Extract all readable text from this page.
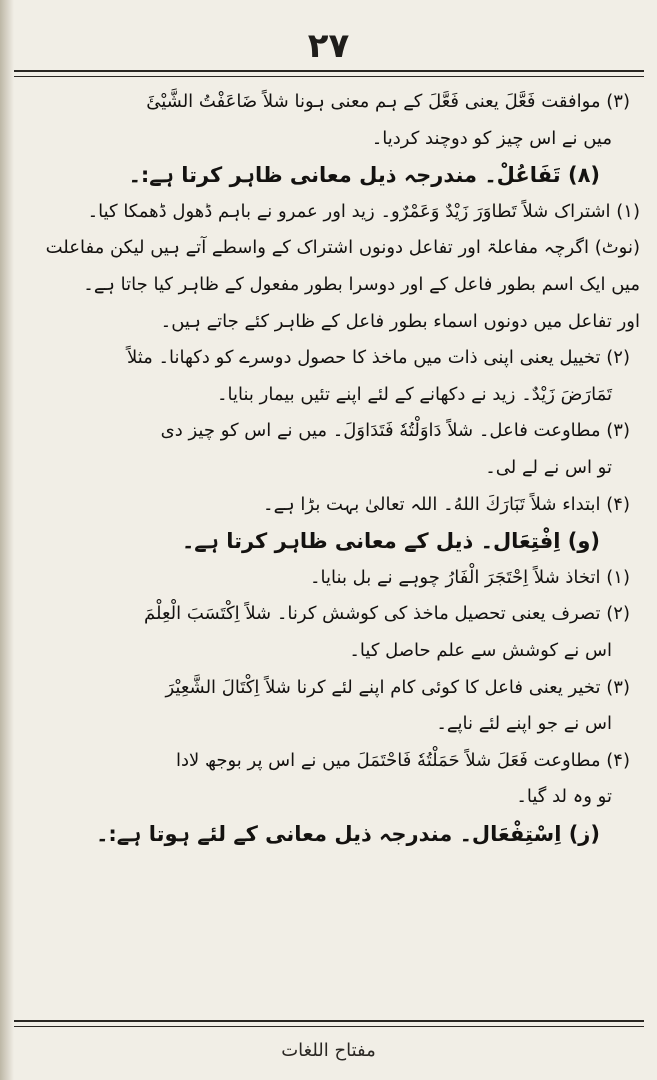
۲۷
(۳) موافقت فَعَّلَ یعنی فَعَّلَ کے ہم معنی ہونا شلاً ضَاعَفْتُ الشَّیْئَ
میں نے اس چیز کو دوچند کردیا۔
(۸) تَفَاعُلْ۔ مندرجہ ذیل معانی ظاہر کرتا ہے:۔
(۱) اشتراک شلاً تَطاوَرَ زَیْدٌ وَعَمْرٌو۔ زید اور عمرو نے باہم ڈھول ڈھمکا کیا۔
(نوٹ) اگرچہ مفاعلۃ اور تفاعل دونوں اشتراک کے واسطے آتے ہیں لیکن مفاعلت
میں ایک اسم بطور فاعل کے اور دوسرا بطور مفعول کے ظاہر کیا جاتا ہے۔
اور تفاعل میں دونوں اسماء بطور فاعل کے ظاہر کئے جاتے ہیں۔
(۲) تخییل یعنی اپنی ذات میں ماخذ کا حصول دوسرے کو دکھانا۔ مثلاً
تَمَارَضَ زَیْدٌ۔ زید نے دکھانے کے لئے اپنے تئیں بیمار بنایا۔
(۳) مطاوعت فاعل۔ شلاً دَاوَلْتُهٗ فَتَدَاوَلَ۔ میں نے اس کو چیز دی
تو اس نے لے لی۔
(۴) ابتداء شلاً تَبَارَكَ اللهُ۔ اللہ تعالیٰ بہت بڑا ہے۔
(و) اِفْتِعَال۔ ذیل کے معانی ظاہر کرتا ہے۔
(۱) اتخاذ شلاً اِحْتَجَرَ الْفَارُ چوہے نے بل بنایا۔
(۲) تصرف یعنی تحصیل ماخذ کی کوشش کرنا۔ شلاً اِكْتَسَبَ الْعِلْمَ
اس نے کوشش سے علم حاصل کیا۔
(۳) تخیر یعنی فاعل کا کوئی کام اپنے لئے کرنا شلاً اِكْتَالَ الشَّعِيْرَ
اس نے جو اپنے لئے ناپے۔
(۴) مطاوعت فَعَلَ شلاً حَمَلْتُهٗ فَاحْتَمَلَ میں نے اس پر بوجھ لادا
تو وہ لد گیا۔
(ز) اِسْتِفْعَال۔ مندرجہ ذیل معانی کے لئے ہوتا ہے:۔
مفتاح اللغات
